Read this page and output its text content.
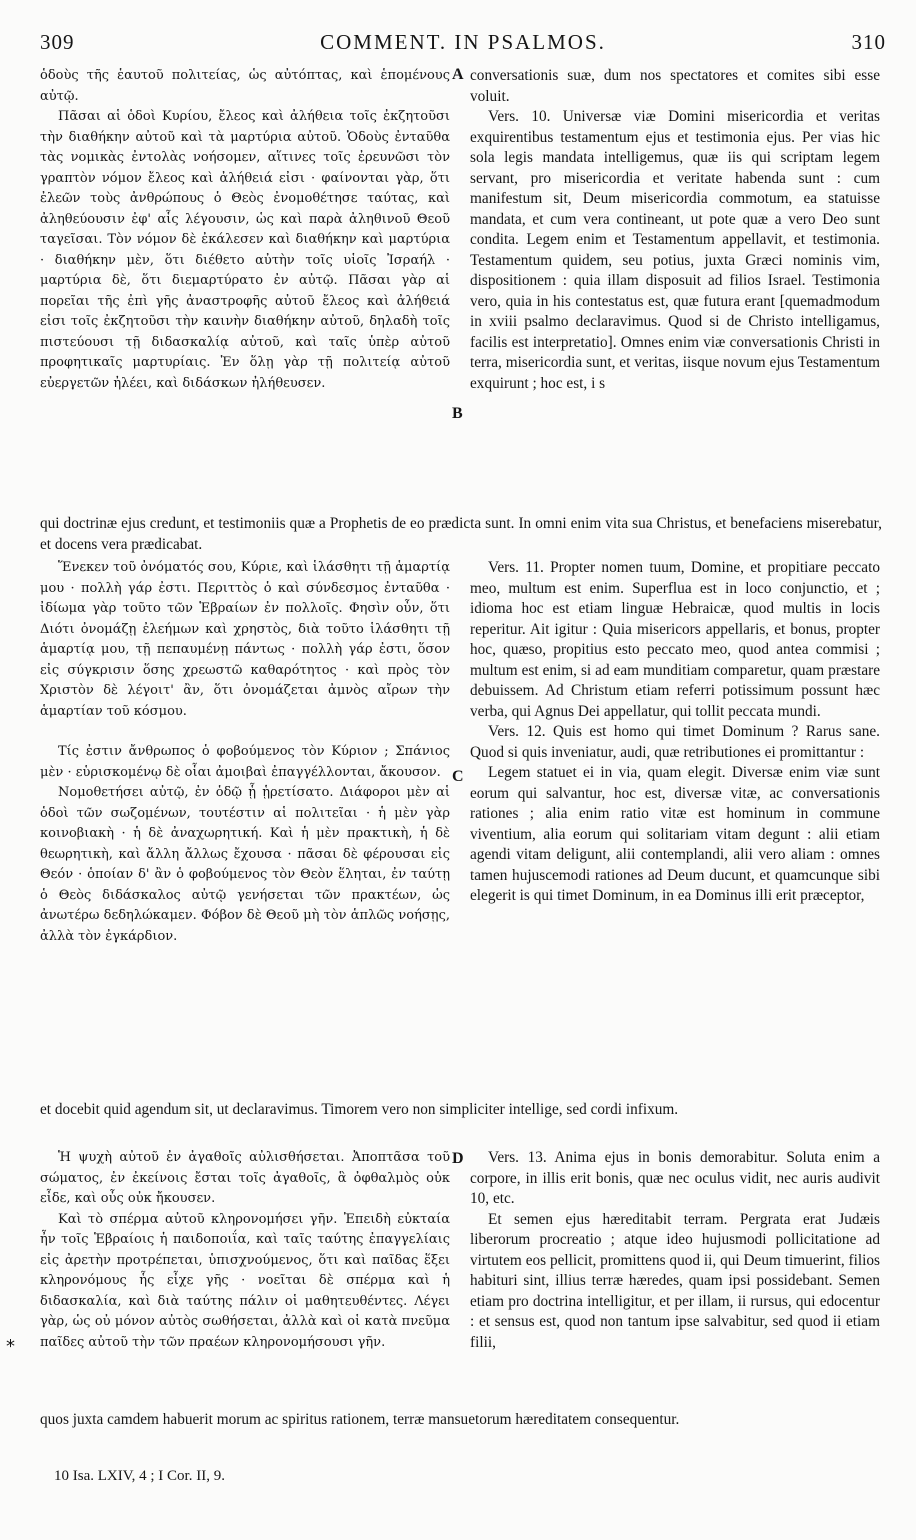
309	COMMENT. IN PSALMOS.	310

ὁδοὺς τῆς ἑαυτοῦ πολιτείας, ὡς αὐτόπτας, καὶ ἑπομένους αὐτῷ.

Πᾶσαι αἱ ὁδοὶ Κυρίου, ἔλεος καὶ ἀλήθεια τοῖς ἐκζητοῦσι τὴν διαθήκην αὐτοῦ καὶ τὰ μαρτύρια αὐτοῦ. Ὁδοὺς ἐνταῦθα τὰς νομικὰς ἐντολὰς νοήσομεν, αἵτινες τοῖς ἐρευνῶσι τὸν γραπτὸν νόμον ἔλεος καὶ ἀλήθειά εἰσι · φαίνονται γὰρ, ὅτι ἐλεῶν τοὺς ἀνθρώπους ὁ Θεὸς ἐνομοθέτησε ταύτας, καὶ ἀληθεύουσιν ἐφ' αἷς λέγουσιν, ὡς καὶ παρὰ ἀληθινοῦ Θεοῦ ταγεῖσαι. Τὸν νόμον δὲ ἐκάλεσεν καὶ διαθήκην καὶ μαρτύρια · διαθήκην μὲν, ὅτι διέθετο αὐτὴν τοῖς υἱοῖς Ἰσραήλ · μαρτύρια δὲ, ὅτι διεμαρτύρατο ἐν αὐτῷ. Πᾶσαι γὰρ αἱ πορεῖαι τῆς ἐπὶ γῆς ἀναστροφῆς αὐτοῦ ἔλεος καὶ ἀλήθειά εἰσι τοῖς ἐκζητοῦσι τὴν καινὴν διαθήκην αὐτοῦ, δηλαδὴ τοῖς πιστεύουσι τῇ διδασκαλίᾳ αὐτοῦ, καὶ ταῖς ὑπὲρ αὐτοῦ προφητικαῖς μαρτυρίαις. Ἐν ὅλῃ γὰρ τῇ πολιτείᾳ αὐτοῦ εὐεργετῶν ἠλέει, καὶ διδάσκων ἠλήθευσεν.

conversationis suæ, dum nos spectatores et comites sibi esse voluit.

Vers. 10. Universæ viæ Domini misericordia et veritas exquirentibus testamentum ejus et testimonia ejus. Per vias hic sola legis mandata intelligemus, quæ iis qui scriptam legem servant, pro misericordia et veritate habenda sunt : cum manifestum sit, Deum misericordia commotum, ea statuisse mandata, et cum vera contineant, ut pote quæ a vero Deo sunt condita. Legem enim et Testamentum appellavit, et testimonia. Testamentum quidem, seu potius, juxta Græci nominis vim, dispositionem : quia illam disposuit ad filios Israel. Testimonia vero, quia in his contestatus est, quæ futura erant [quemadmodum in xviii psalmo declaravimus. Quod si de Christo intelligamus, facilis est interpretatio]. Omnes enim viæ conversationis Christi in terra, misericordia sunt, et veritas, iisque novum ejus Testamentum exquirunt ; hoc est, i s

A
B

qui doctrinæ ejus credunt, et testimoniis quæ a Prophetis de eo prædicta sunt. In omni enim vita sua Christus, et benefaciens miserebatur, et docens vera prædicabat.

Ἕνεκεν τοῦ ὀνόματός σου, Κύριε, καὶ ἱλάσθητι τῇ ἁμαρτίᾳ μου · πολλὴ γάρ ἐστι. Περιττὸς ὁ καὶ σύνδεσμος ἐνταῦθα · ἰδίωμα γὰρ τοῦτο τῶν Ἑβραίων ἐν πολλοῖς. Φησὶν οὖν, ὅτι Διότι ὀνομάζῃ ἐλεήμων καὶ χρηστὸς, διὰ τοῦτο ἱλάσθητι τῇ ἁμαρτίᾳ μου, τῇ πεπαυμένῃ πάντως · πολλὴ γάρ ἐστι, ὅσον εἰς σύγκρισιν ὅσης χρεωστῶ καθαρότητος · καὶ πρὸς τὸν Χριστὸν δὲ λέγοιτ' ἂν, ὅτι ὀνομάζεται ἀμνὸς αἴρων τὴν ἁμαρτίαν τοῦ κόσμου.

Τίς ἐστιν ἄνθρωπος ὁ φοβούμενος τὸν Κύριον ; Σπάνιος μὲν · εὑρισκομένῳ δὲ οἷαι ἀμοιβαὶ ἐπαγγέλλονται, ἄκουσον.

Νομοθετήσει αὐτῷ, ἐν ὁδῷ ᾗ ᾑρετίσατο. Διάφοροι μὲν αἱ ὁδοὶ τῶν σωζομένων, τουτέστιν αἱ πολιτεῖαι · ἡ μὲν γὰρ κοινοβιακὴ · ἡ δὲ ἀναχωρητική. Καὶ ἡ μὲν πρακτικὴ, ἡ δὲ θεωρητικὴ, καὶ ἄλλη ἄλλως ἔχουσα · πᾶσαι δὲ φέρουσαι εἰς Θεόν · ὁποίαν δ' ἂν ὁ φοβούμενος τὸν Θεὸν ἕληται, ἐν ταύτῃ ὁ Θεὸς διδάσκαλος αὐτῷ γενήσεται τῶν πρακτέων, ὡς ἀνωτέρω δεδηλώκαμεν. Φόβον δὲ Θεοῦ μὴ τὸν ἁπλῶς νοήσῃς, ἀλλὰ τὸν ἐγκάρδιον.

Vers. 11. Propter nomen tuum, Domine, et propitiare peccato meo, multum est enim. Superflua est in loco conjunctio, et ; idioma hoc est etiam linguæ Hebraicæ, quod multis in locis reperitur. Ait igitur : Quia misericors appellaris, et bonus, propter hoc, quæso, propitius esto peccato meo, quod antea commisi ; multum est enim, si ad eam munditiam comparetur, quam præstare debuissem. Ad Christum etiam referri potissimum possunt hæc verba, qui Agnus Dei appellatur, qui tollit peccata mundi.

Vers. 12. Quis est homo qui timet Dominum ? Rarus sane. Quod si quis inveniatur, audi, quæ retributiones ei promittantur :

Legem statuet ei in via, quam elegit. Diversæ enim viæ sunt eorum qui salvantur, hoc est, diversæ vitæ, ac conversationis rationes ; alia enim ratio vitæ est hominum in commune viventium, alia eorum qui solitariam vitam degunt : alii etiam agendi vitam deligunt, alii contemplandi, alii vero aliam : omnes tamen hujuscemodi rationes ad Deum ducunt, et quamcunque sibi elegerit is qui timet Dominum, in ea Dominus illi erit præceptor,

C

et docebit quid agendum sit, ut declaravimus. Timorem vero non simpliciter intellige, sed cordi infixum.

Ἡ ψυχὴ αὐτοῦ ἐν ἀγαθοῖς αὐλισθήσεται. Ἀποπτᾶσα τοῦ σώματος, ἐν ἐκείνοις ἔσται τοῖς ἀγαθοῖς, ἃ ὀφθαλμὸς οὐκ εἶδε, καὶ οὖς οὐκ ἤκουσεν.

Καὶ τὸ σπέρμα αὐτοῦ κληρονομήσει γῆν. Ἐπειδὴ εὐκταία ἦν τοῖς Ἑβραίοις ἡ παιδοποιΐα, καὶ ταῖς ταύτης ἐπαγγελίαις εἰς ἀρετὴν προτρέπεται, ὑπισχνούμενος, ὅτι καὶ παῖδας ἕξει κληρονόμους ἧς εἶχε γῆς · νοεῖται δὲ σπέρμα καὶ ἡ διδασκαλία, καὶ διὰ ταύτης πάλιν οἱ μαθητευθέντες. Λέγει γὰρ, ὡς οὐ μόνον αὐτὸς σωθήσεται, ἀλλὰ καὶ οἱ κατὰ πνεῦμα παῖδες αὐτοῦ τὴν τῶν πραέων κληρονομήσουσι γῆν.

Vers. 13. Anima ejus in bonis demorabitur. Soluta enim a corpore, in illis erit bonis, quæ nec oculus vidit, nec auris audivit 10, etc.

Et semen ejus hæreditabit terram. Pergrata erat Judæis liberorum procreatio ; atque ideo hujusmodi pollicitatione ad virtutem eos pellicit, promittens quod ii, qui Deum timuerint, filios habituri sint, illius terræ hæredes, quam ipsi possidebant. Semen etiam pro doctrina intelligitur, et per illam, ii rursus, qui edocentur : et sensus est, quod non tantum ipse salvabitur, sed quod ii etiam filii,

D
*

quos juxta camdem habuerit morum ac spiritus rationem, terræ mansuetorum hæreditatem consequentur.

10 Isa. LXIV, 4 ; I Cor. II, 9.
